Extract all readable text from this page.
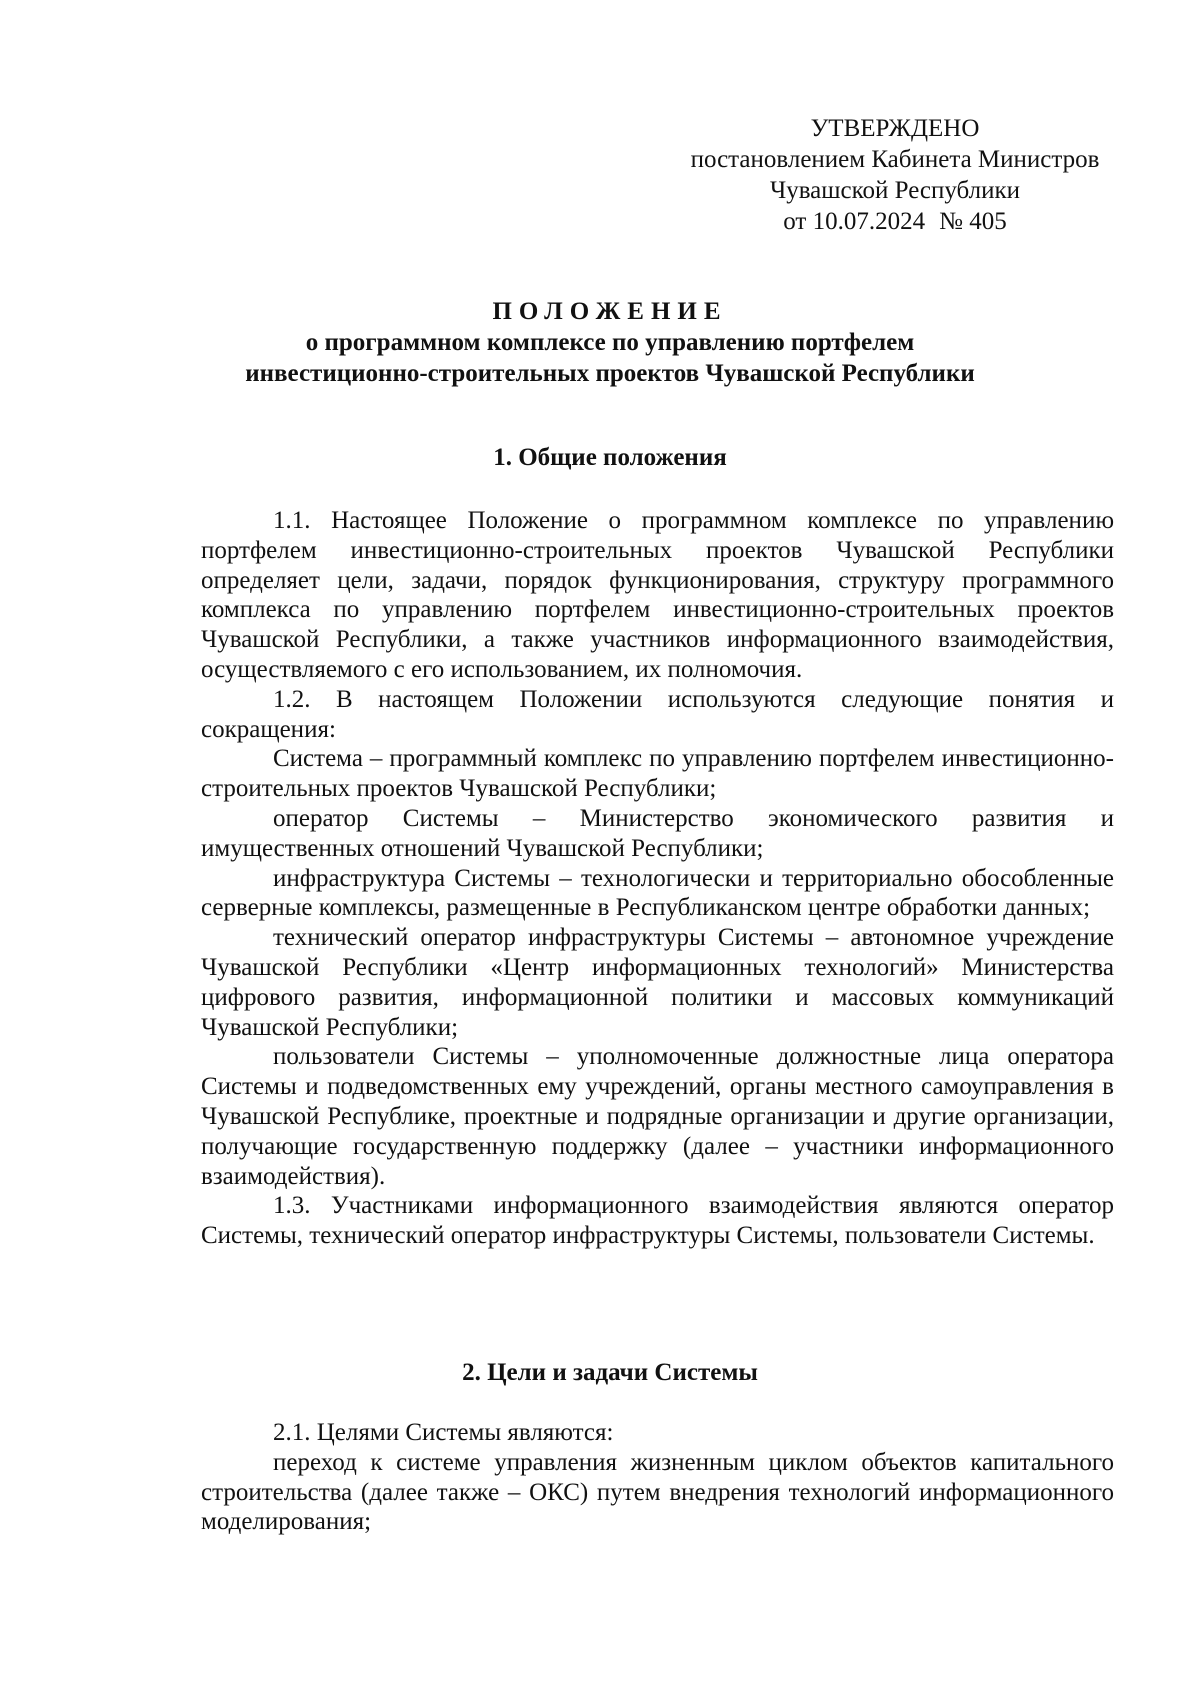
УТВЕРЖДЕНО
постановлением Кабинета Министров
Чувашской Республики
от 10.07.2024 № 405
ПОЛОЖЕНИЕ
о программном комплексе по управлению портфелем
инвестиционно-строительных проектов Чувашской Республики
1. Общие положения

1.1. Настоящее Положение о программном комплексе по управлению портфелем инвестиционно-строительных проектов Чувашской Республики определяет цели, задачи, порядок функционирования, структуру программного комплекса по управлению портфелем инвестиционно-строительных проектов Чувашской Республики, а также участников информационного взаимодействия, осуществляемого с его использованием, их полномочия.

1.2. В настоящем Положении используются следующие понятия и сокращения:

Система – программный комплекс по управлению портфелем инвестиционно-строительных проектов Чувашской Республики;

оператор Системы – Министерство экономического развития и имущественных отношений Чувашской Республики;

инфраструктура Системы – технологически и территориально обособленные серверные комплексы, размещенные в Республиканском центре обработки данных;

технический оператор инфраструктуры Системы – автономное учреждение Чувашской Республики «Центр информационных технологий» Министерства цифрового развития, информационной политики и массовых коммуникаций Чувашской Республики;

пользователи Системы – уполномоченные должностные лица оператора Системы и подведомственных ему учреждений, органы местного самоуправления в Чувашской Республике, проектные и подрядные организации и другие организации, получающие государственную поддержку (далее – участники информационного взаимодействия).

1.3. Участниками информационного взаимодействия являются оператор Системы, технический оператор инфраструктуры Системы, пользователи Системы.

2. Цели и задачи Системы

2.1. Целями Системы являются:

переход к системе управления жизненным циклом объектов капитального строительства (далее также – ОКС) путем внедрения технологий информационного моделирования;
